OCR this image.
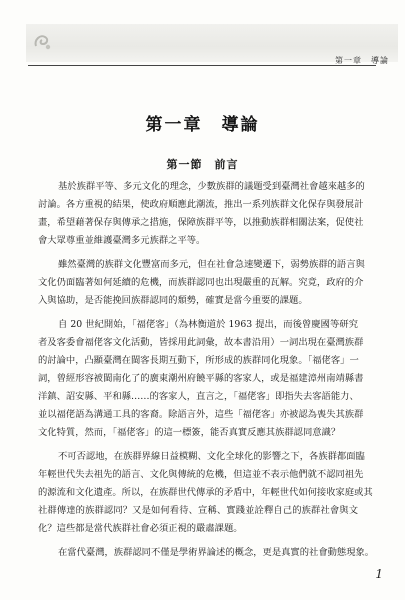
第一章　導論
第一章　導論
第一節　前言
基於族群平等、多元文化的理念，少數族群的議題受到臺灣社會越來越多的
討論。各方重視的結果，使政府順應此潮流，推出一系列族群文化保存與發展計
畫，希望藉著保存與傳承之措施，保障族群平等，以推動族群相關法案，促使社
會大眾尊重並維護臺灣多元族群之平等。
雖然臺灣的族群文化豐富而多元，但在社會急速變遷下，弱勢族群的語言與
文化仍面臨著如何延續的危機，而族群認同也出現嚴重的瓦解。究竟，政府的介
入與協助，是否能挽回族群認同的頹勢，確實是當今重要的課題。
自 20 世紀開始，「福佬客」（為林衡道於 1963 提出，而後曾慶國等研究
者及客委會福佬客文化活動，皆採用此詞彙，故本書沿用）一詞出現在臺灣族群
的討論中，凸顯臺灣在閩客長期互動下，所形成的族群同化現象。「福佬客」一
詞，曾經形容被閩南化了的廣東潮州府饒平縣的客家人，或是福建漳州南靖縣書
洋鎮、詔安縣、平和縣……的客家人，直言之，「福佬客」即指失去客語能力、
並以福佬語為溝通工具的客裔。除語言外，這些「福佬客」亦被認為喪失其族群
文化特質，然而，「福佬客」的這一標簽，能否真實反應其族群認同意識？
不可否認地，在族群界線日益模糊、文化全球化的影響之下，各族群都面臨
年輕世代失去祖先的語言、文化與傳統的危機，但這並不表示他們就不認同祖先
的源流和文化遺產。所以，在族群世代傳承的矛盾中，年輕世代如何接收家庭或其
社群傳達的族群認同？又是如何看待、宣稱、實踐並詮釋自己的族群社會與文
化？這些都是當代族群社會必須正視的嚴肅課題。
在當代臺灣，族群認同不僅是學術界論述的概念，更是真實的社會動態現象。
1
